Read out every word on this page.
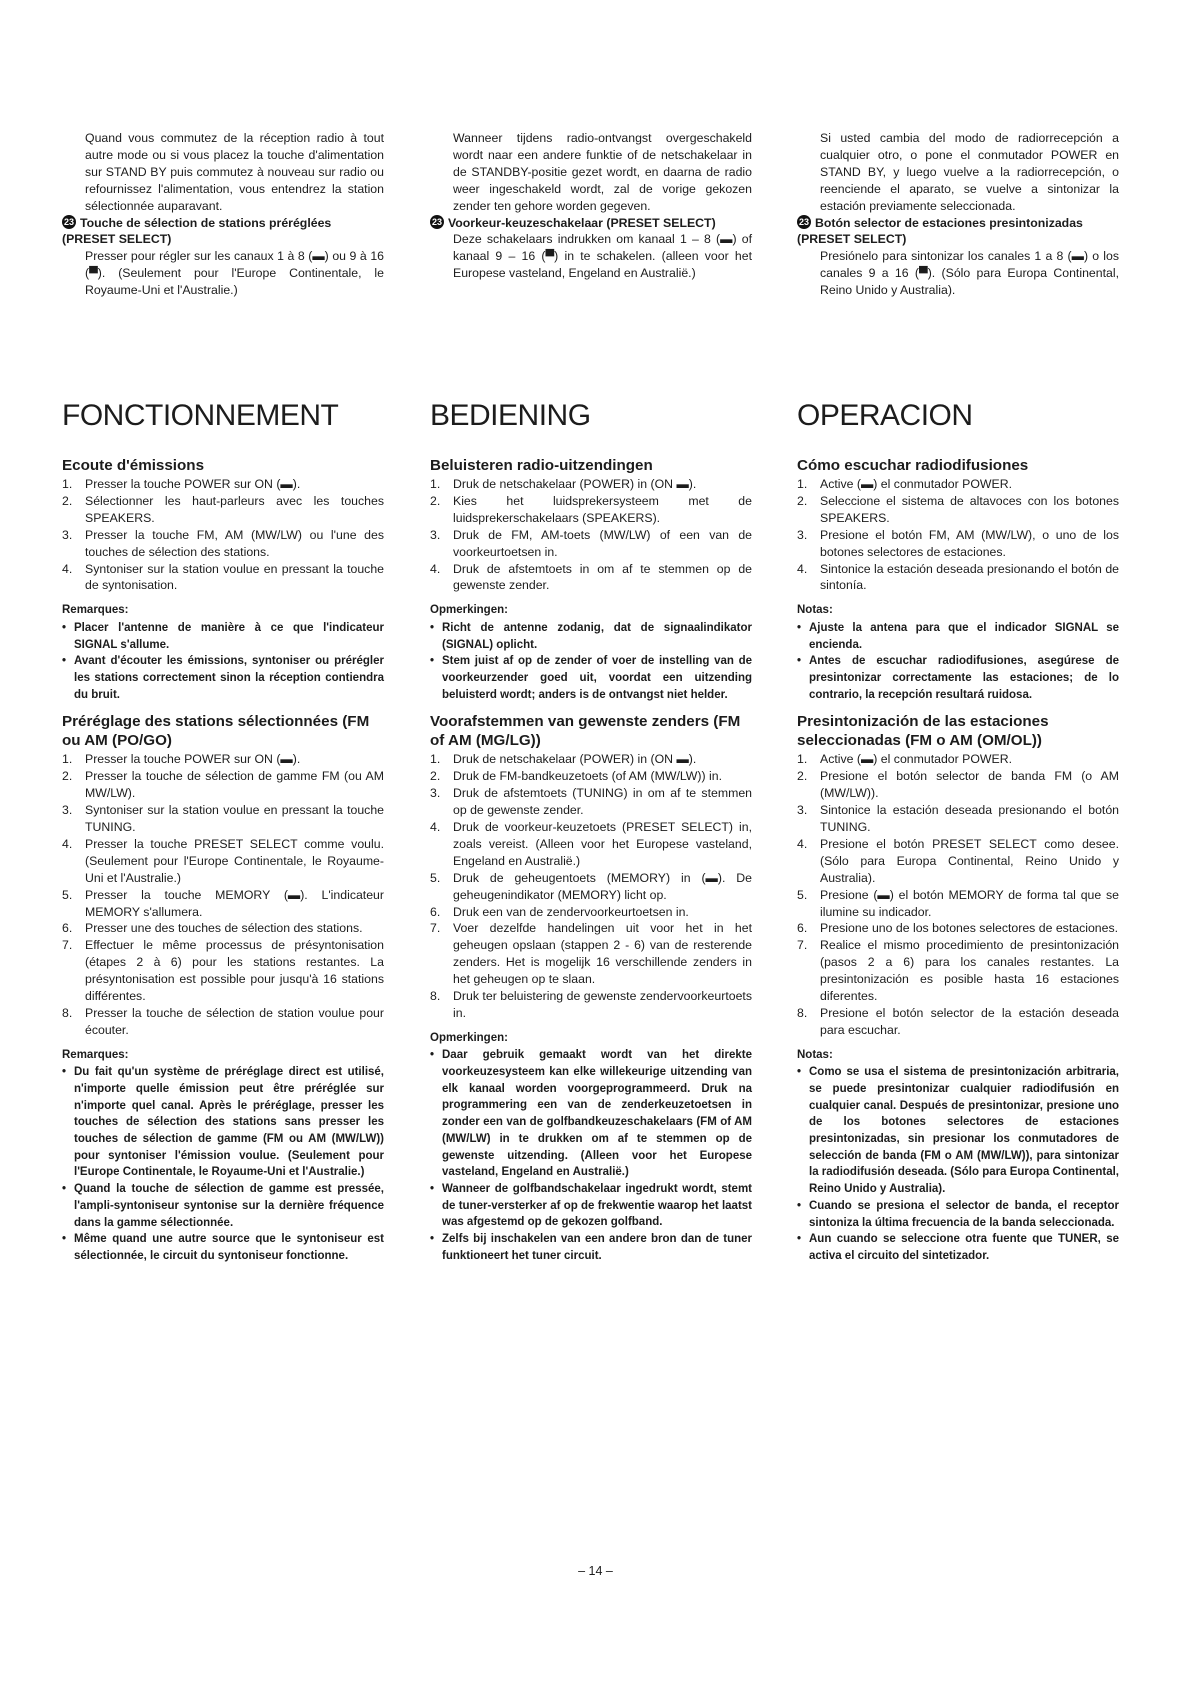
Quand vous commutez de la réception radio à tout autre mode ou si vous placez la touche d'alimentation sur STAND BY puis commutez à nouveau sur radio ou refournissez l'alimentation, vous entendrez la station sélectionnée auparavant.

23 Touche de sélection de stations préréglées (PRESET SELECT)

Presser pour régler sur les canaux 1 à 8 (▬) ou 9 à 16 (▀). (Seulement pour l'Europe Continentale, le Royaume-Uni et l'Australie.)

FONCTIONNEMENT
Ecoute d'émissions
1. Presser la touche POWER sur ON (▬).
2. Sélectionner les haut-parleurs avec les touches SPEAKERS.
3. Presser la touche FM, AM (MW/LW) ou l'une des touches de sélection des stations.
4. Syntoniser sur la station voulue en pressant la touche de syntonisation.
Remarques:
• Placer l'antenne de manière à ce que l'indicateur SIGNAL s'allume.
• Avant d'écouter les émissions, syntoniser ou prérégler les stations correctement sinon la réception contiendra du bruit.
Préréglage des stations sélectionnées (FM ou AM (PO/GO)
1. Presser la touche POWER sur ON (▬).
2. Presser la touche de sélection de gamme FM (ou AM MW/LW).
3. Syntoniser sur la station voulue en pressant la touche TUNING.
4. Presser la touche PRESET SELECT comme voulu. (Seulement pour l'Europe Continentale, le Royaume-Uni et l'Australie.)
5. Presser la touche MEMORY (▬). L'indicateur MEMORY s'allumera.
6. Presser une des touches de sélection des stations.
7. Effectuer le même processus de présyntonisation (étapes 2 à 6) pour les stations restantes. La présyntonisation est possible pour jusqu'à 16 stations différentes.
8. Presser la touche de sélection de station voulue pour écouter.
Remarques:
• Du fait qu'un système de préréglage direct est utilisé, n'importe quelle émission peut être préréglée sur n'importe quel canal. Après le préréglage, presser les touches de sélection des stations sans presser les touches de sélection de gamme (FM ou AM (MW/LW)) pour syntoniser l'émission voulue. (Seulement pour l'Europe Continentale, le Royaume-Uni et l'Australie.)
• Quand la touche de sélection de gamme est pressée, l'ampli-syntoniseur syntonise sur la dernière fréquence dans la gamme sélectionnée.
• Même quand une autre source que le syntoniseur est sélectionnée, le circuit du syntoniseur fonctionne.

Wanneer tijdens radio-ontvangst overgeschakeld wordt naar een andere funktie of de netschakelaar in de STANDBY-positie gezet wordt, en daarna de radio weer ingeschakeld wordt, zal de vorige gekozen zender ten gehore worden gegeven.

23 Voorkeur-keuzeschakelaar (PRESET SELECT)

Deze schakelaars indrukken om kanaal 1 – 8 (▬) of kanaal 9 – 16 (▀) in te schakelen. (alleen voor het Europese vasteland, Engeland en Australië.)

BEDIENING
Beluisteren radio-uitzendingen
1. Druk de netschakelaar (POWER) in (ON ▬).
2. Kies het luidsprekersysteem met de luidsprekerschakelaars (SPEAKERS).
3. Druk de FM, AM-toets (MW/LW) of een van de voorkeurtoetsen in.
4. Druk de afstemtoets in om af te stemmen op de gewenste zender.
Opmerkingen:
• Richt de antenne zodanig, dat de signaalindikator (SIGNAL) oplicht.
• Stem juist af op de zender of voer de instelling van de voorkeurzender goed uit, voordat een uitzending beluisterd wordt; anders is de ontvangst niet helder.
Voorafstemmen van gewenste zenders (FM of AM (MG/LG))
1. Druk de netschakelaar (POWER) in (ON ▬).
2. Druk de FM-bandkeuzetoets (of AM (MW/LW)) in.
3. Druk de afstemtoets (TUNING) in om af te stemmen op de gewenste zender.
4. Druk de voorkeur-keuzetoets (PRESET SELECT) in, zoals vereist. (Alleen voor het Europese vasteland, Engeland en Australië.)
5. Druk de geheugentoets (MEMORY) in (▬). De geheugenindikator (MEMORY) licht op.
6. Druk een van de zendervoorkeurtoetsen in.
7. Voer dezelfde handelingen uit voor het in het geheugen opslaan (stappen 2 - 6) van de resterende zenders. Het is mogelijk 16 verschillende zenders in het geheugen op te slaan.
8. Druk ter beluistering de gewenste zendervoorkeurtoets in.
Opmerkingen:
• Daar gebruik gemaakt wordt van het direkte voorkeuzesysteem kan elke willekeurige uitzending van elk kanaal worden voorgeprogrammeerd. Druk na programmering een van de zenderkeuzetoetsen in zonder een van de golfbandkeuzeschakelaars (FM of AM (MW/LW) in te drukken om af te stemmen op de gewenste uitzending. (Alleen voor het Europese vasteland, Engeland en Australië.)
• Wanneer de golfbandschakelaar ingedrukt wordt, stemt de tuner-versterker af op de frekwentie waarop het laatst was afgestemd op de gekozen golfband.
• Zelfs bij inschakelen van een andere bron dan de tuner funktioneert het tuner circuit.

Si usted cambia del modo de radiorrecepción a cualquier otro, o pone el conmutador POWER en STAND BY, y luego vuelve a la radiorrecepción, o reenciende el aparato, se vuelve a sintonizar la estación previamente seleccionada.

23 Botón selector de estaciones presintonizadas (PRESET SELECT)

Presiónelo para sintonizar los canales 1 a 8 (▬) o los canales 9 a 16 (▀). (Sólo para Europa Continental, Reino Unido y Australia).

OPERACION
Cómo escuchar radiodifusiones
1. Active (▬) el conmutador POWER.
2. Seleccione el sistema de altavoces con los botones SPEAKERS.
3. Presione el botón FM, AM (MW/LW), o uno de los botones selectores de estaciones.
4. Sintonice la estación deseada presionando el botón de sintonía.
Notas:
• Ajuste la antena para que el indicador SIGNAL se encienda.
• Antes de escuchar radiodifusiones, asegúrese de presintonizar correctamente las estaciones; de lo contrario, la recepción resultará ruidosa.
Presintonización de las estaciones seleccionadas (FM o AM (OM/OL))
1. Active (▬) el conmutador POWER.
2. Presione el botón selector de banda FM (o AM (MW/LW)).
3. Sintonice la estación deseada presionando el botón TUNING.
4. Presione el botón PRESET SELECT como desee. (Sólo para Europa Continental, Reino Unido y Australia).
5. Presione (▬) el botón MEMORY de forma tal que se ilumine su indicador.
6. Presione uno de los botones selectores de estaciones.
7. Realice el mismo procedimiento de presintonización (pasos 2 a 6) para los canales restantes. La presintonización es posible hasta 16 estaciones diferentes.
8. Presione el botón selector de la estación deseada para escuchar.
Notas:
• Como se usa el sistema de presintonización arbitraria, se puede presintonizar cualquier radiodifusión en cualquier canal. Después de presintonizar, presione uno de los botones selectores de estaciones presintonizadas, sin presionar los conmutadores de selección de banda (FM o AM (MW/LW)), para sintonizar la radiodifusión deseada. (Sólo para Europa Continental, Reino Unido y Australia).
• Cuando se presiona el selector de banda, el receptor sintoniza la última frecuencia de la banda seleccionada.
• Aun cuando se seleccione otra fuente que TUNER, se activa el circuito del sintetizador.
– 14 –
